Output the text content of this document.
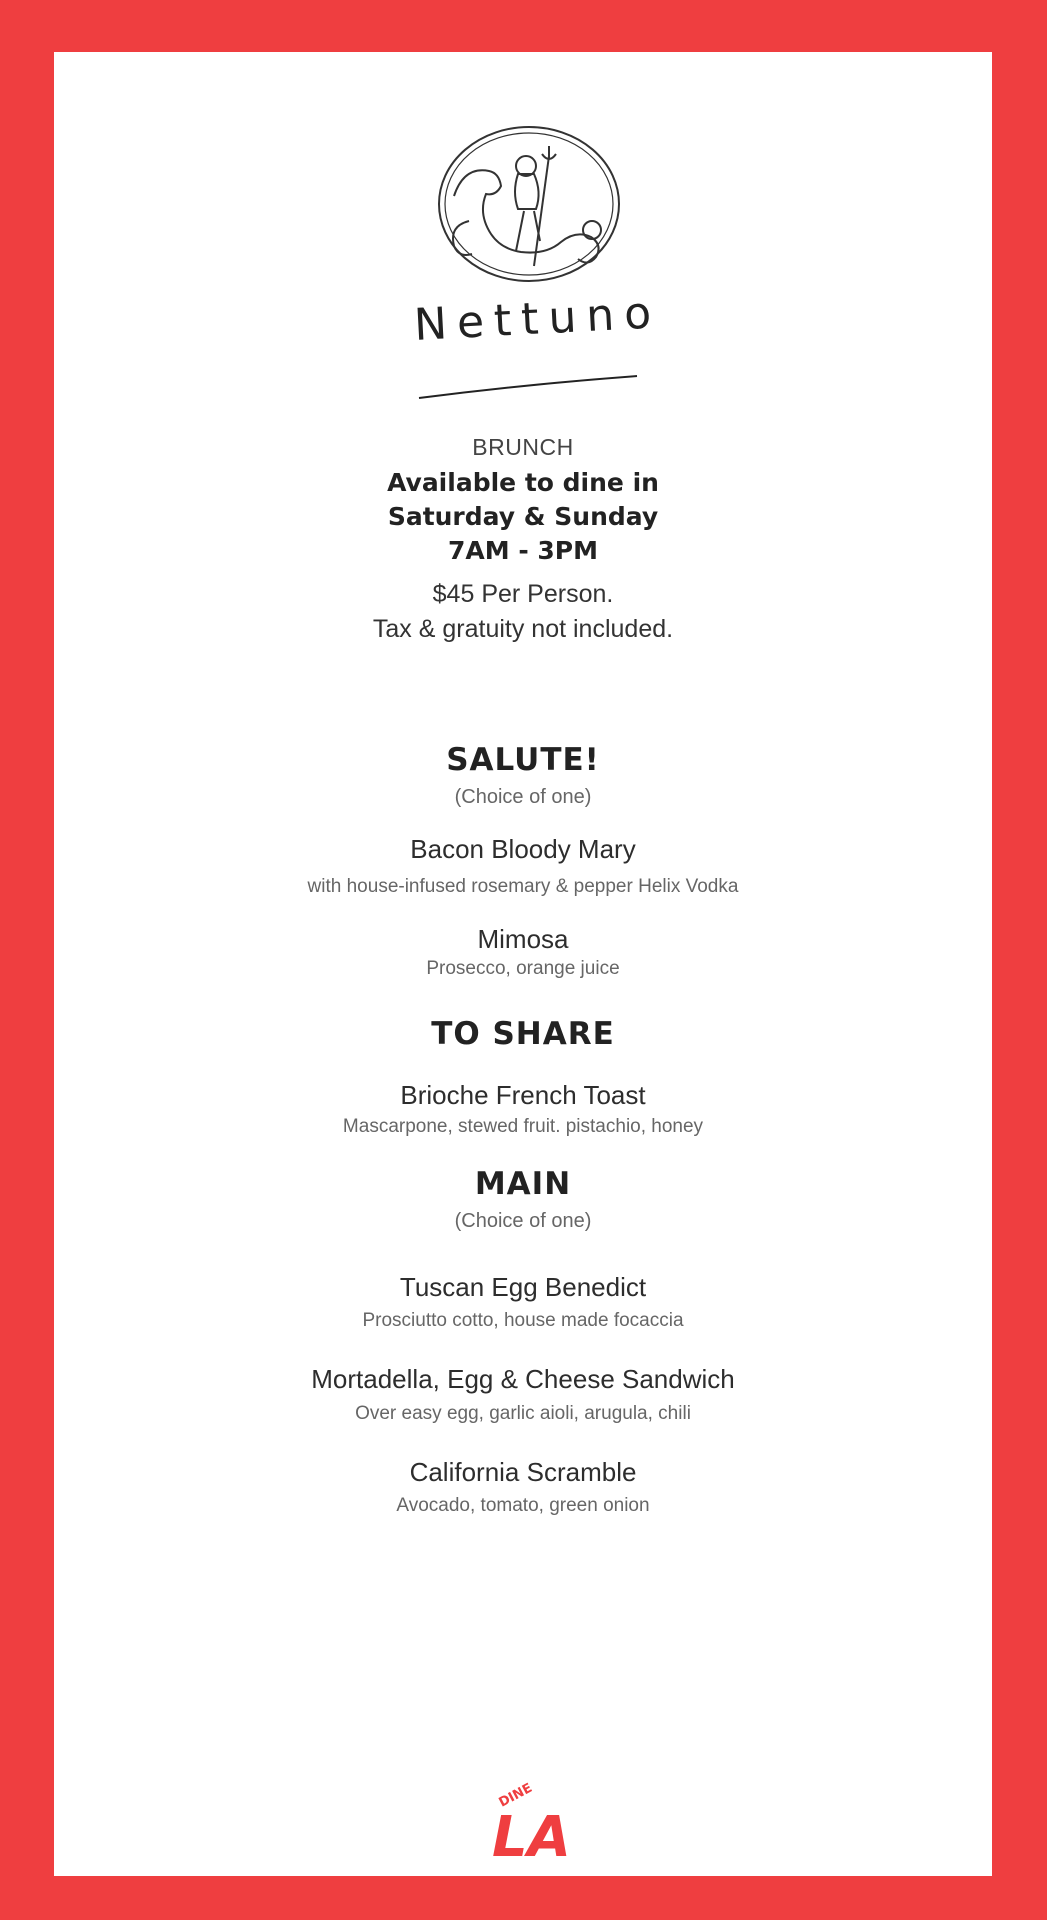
Nettuno
BRUNCH
Available to dine in
Saturday & Sunday
7AM - 3PM
$45 Per Person.
Tax & gratuity not included.
SALUTE!
(Choice of one)
Bacon Bloody Mary
with house-infused rosemary & pepper Helix Vodka
Mimosa
Prosecco, orange juice
TO SHARE
Brioche French Toast
Mascarpone, stewed fruit. pistachio, honey
MAIN
(Choice of one)
Tuscan Egg Benedict
Prosciutto cotto, house made focaccia
Mortadella, Egg & Cheese Sandwich
Over easy egg, garlic aioli, arugula, chili
California Scramble
Avocado, tomato, green onion
DINE
LA
